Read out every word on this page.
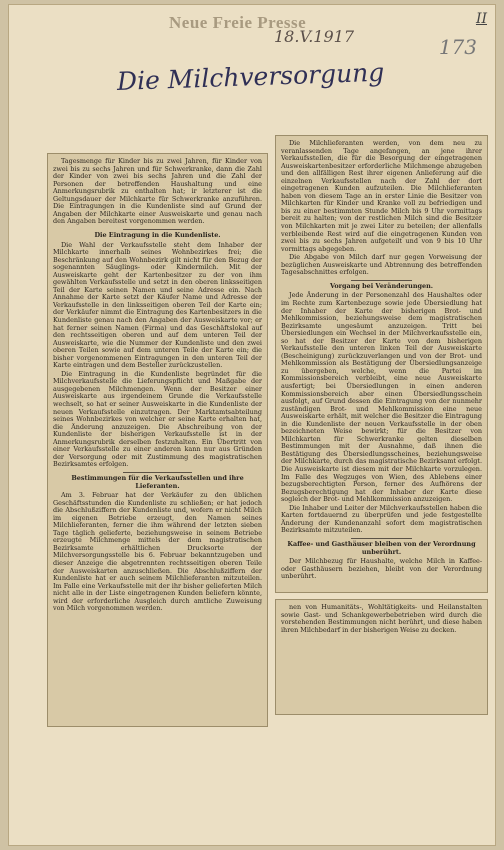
Neue Freie Presse
18.V.1917
II
173
Die Milchversorgung

Tagesmenge für Kinder bis zu zwei Jahren, für Kinder von zwei bis zu sechs Jahren und für Schwerkranke, dann die Zahl der Kinder von zwei bis sechs Jahren und die Zahl der Personen der betreffenden Haushaltung und eine Anmerkungsrubrik zu enthalten hat; ir letzterer ist die Geltungsdauer der Milchkarte für Schwerkranke anzuführen. Die Eintragungen in die Kundenliste sind auf Grund der Angaben der Milchkarte einer Ausweiskarte und genau nach den Angaben bereitest vorgenommen werden.

Die Eintragung in die Kundenliste.

Die Wahl der Verkaufsstelle steht dem Inhaber der Milchkarte innerhalb seines Wohnbezirkes frei; die Beschränkung auf den Wohnbezirk gilt nicht für den Bezug der sogenannten Säuglings- oder Kindermilch. Mit der Ausweiskarte geht der Kartenbesitzer zu der von ihm gewählten Verkaufsstelle und setzt in den oberen linksseitigen Teil der Karte seinen Namen und seine Adresse ein. Nach Annahme der Karte setzt der Käufer Name und Adresse der Verkaufsstelle in den linksseitigen oberen Teil der Karte ein; der Verkäufer nimmt die Eintragung des Kartenbesitzers in die Kundenliste genau nach den Angaben der Ausweiskarte vor; er hat ferner seinen Namen (Firma) und das Geschäftslokal auf den rechtsseitigen oberen und auf dem unteren Teil der Ausweiskarte, wie die Nummer der Kundenliste und den zwei oberen Teilen sowie auf dem unteren Teile der Karte ein; die bisher vorgenommenen Eintragungen in den unteren Teil der Karte eintragen und dem Besteller zurückzustellen.

Die Eintragung in die Kundenliste begründet für die Milchverkaufsstelle die Lieferungspflicht und Maßgabe der ausgegebenen Milchmengen. Wenn der Besitzer einer Ausweiskarte aus irgendeinem Grunde die Verkaufsstelle wechselt, so hat er seiner Ausweiskarte in die Kundenliste der neuen Verkaufsstelle einzutragen. Der Marktamtsabteilung seines Wohnbezirkes von welcher er seine Karte erhalten hat, die Änderung anzuzeigen. Die Abschreibung von der Kundenliste der bisherigen Verkaufsstelle ist in der Anmerkungsrubrik derselben festzuhalten. Ein Übertritt von einer Verkaufsstelle zu einer anderen kann nur aus Gründen der Versorgung oder mit Zustimmung des magistratischen Bezirksamtes erfolgen.

Bestimmungen für die Verkaufsstellen und ihre Lieferanten.

Am 3. Februar hat der Verkäufer zu den üblichen Geschäftsstunden die Kundenliste zu schließen; er hat jedoch die Abschlußziffern der Kundenliste und, wofern er nicht Milch im eigenen Betriebe erzeugt, den Namen seines Milchlieferanten, ferner die ihm während der letzten sieben Tage täglich gelieferte, beziehungsweise in seinem Betriebe erzeugte Milchmenge mittels der dem magistratischen Bezirksamte erhältlichen Drucksorte der Milchversorgungsstelle bis 6. Februar bekanntzugeben und dieser Anzeige die abgetrennten rechtsseitigen oberen Teile der Ausweiskarten anzuschließen. Die Abschlußziffern der Kundenliste hat er auch seinem Milchlieferanten mitzuteilen. Im Falle eine Verkaufsstelle mit der ihr bisher gelieferten Milch nicht alle in der Liste eingetragenen Kunden beliefern könnte, wird der erforderliche Ausgleich durch amtliche Zuweisung von Milch vorgenommen werden.

Die Milchlieferanten werden, von dem neu zu veranlassenden Tage angefangen, an jene ihrer Verkaufsstellen, die für die Besorgung der eingetragenen Ausweiskartenbesitzer erforderliche Milchmenge abzugeben und den allfälligen Rest ihrer eigenen Anlieferung auf die einzelnen Verkaufsstellen nach der Zahl der dort eingetragenen Kunden aufzuteilen. Die Milchlieferanten haben von diesem Tage an in erster Linie die Besitzer von Milchkarten für Kinder und Kranke voll zu befriedigen und bis zu einer bestimmten Stunde Milch bis 9 Uhr vormittags bereit zu halten; von der restlichen Milch sind die Besitzer von Milchkarten mit je zwei Liter zu beteilen; der allenfalls verbleibende Rest wird auf die eingetragenen Kunden von zwei bis zu sechs Jahren aufgeteilt und von 9 bis 10 Uhr vormittags abgegeben.

Die Abgabe von Milch darf nur gegen Vorweisung der bezüglichen Ausweiskarte und Abtrennung des betreffenden Tagesabschnittes erfolgen.

Vorgang bei Veränderungen.

Jede Änderung in der Personenzahl des Haushaltes oder im Rechte zum Kartenbezuge sowie jede Übersiedlung hat der Inhaber der Karte der bisherigen Brot- und Mehlkommission, beziehungsweise dem magistratischen Bezirksamte ungesäumt anzuzeigen. Tritt bei Übersiedlungen ein Wechsel in der Milchverkaufsstelle ein, so hat der Besitzer der Karte von dem bisherigen Verkaufsstelle den unteren linken Teil der Ausweiskarte (Bescheinigung) zurückzuverlangen und von der Brot- und Mehlkommission als Bestätigung der Übersiedlungsanzeige zu übergeben, welche, wenn die Partei im Kommissionsbereich verbleibt, eine neue Ausweiskarte ausfertigt; bei Übersiedlungen in einen anderen Kommissionsbereich aber einen Übersiedlungsschein ausfolgt, auf Grund dessen die Eintragung von der nunmehr zuständigen Brot- und Mehlkommission eine neue Ausweiskarte erhält, mit welcher die Besitzer die Eintragung in die Kundenliste der neuen Verkaufsstelle in der oben bezeichneten Weise bewirkt; für die Besitzer von Milchkarten für Schwerkranke gelten dieselben Bestimmungen mit der Ausnahme, daß ihnen die Bestätigung des Übersiedlungsscheines, beziehungsweise der Milchkarte, durch das magistratische Bezirksamt erfolgt. Die Ausweiskarte ist diesem mit der Milchkarte vorzulegen. Im Falle des Wegzuges von Wien, des Ablebens einer bezugsberechtigten Person, ferner des Aufhörens der Bezugsberechtigung hat der Inhaber der Karte diese sogleich der Brot- und Mehlkommission anzuzeigen.

Die Inhaber und Leiter der Milchverkaufsstellen haben die Karten fortdauernd zu überprüfen und jede festgestellte Änderung der Kundenanzahl sofort dem magistratischen Bezirksamte mitzuteilen.

Kaffee- und Gasthäuser bleiben von der Verordnung unberührt.

Der Milchbezug für Haushalte, welche Milch in Kaffee- oder Gasthäusern beziehen, bleibt von der Verordnung unberührt.

nen von Humanitäts-, Wohltätigkeits- und Heilanstalten sowie Gast- und Schankgewerbebetrieben wird durch die vorstehenden Bestimmungen nicht berührt, und diese haben ihren Milchbedarf in der bisherigen Weise zu decken.
